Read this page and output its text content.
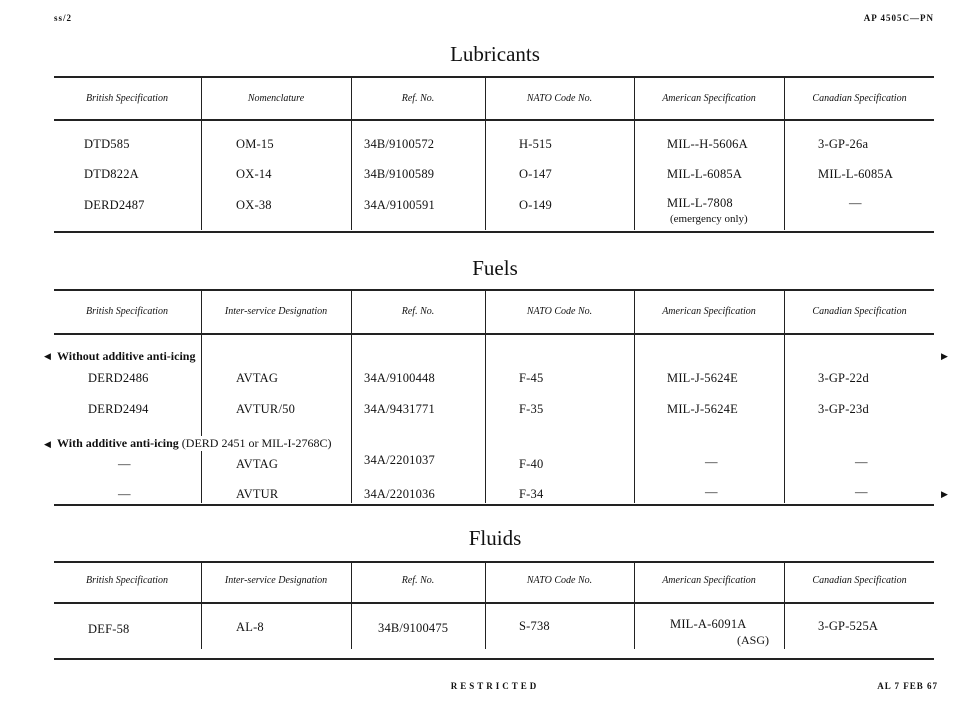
ss/2	AP 4505C—PN
Lubricants
British Specification	Nomenclature	Ref. No.	NATO Code No.	American Specification	Canadian Specification
DTD585	OM-15	34B/9100572	H-515	MIL--H-5606A	3-GP-26a
DTD822A	OX-14	34B/9100589	O-147	MIL-L-6085A	MIL-L-6085A
DERD2487	OX-38	34A/9100591	O-149	MIL-L-7808	—
(emergency only)
Fuels
British Specification	Inter-service Designation	Ref. No.	NATO Code No.	American Specification	Canadian Specification
◀	▶
Without additive anti-icing
DERD2486	AVTAG	34A/9100448	F-45	MIL-J-5624E	3-GP-22d
DERD2494	AVTUR/50	34A/9431771	F-35	MIL-J-5624E	3-GP-23d
◀ With additive anti-icing (DERD 2451 or MIL-I-2768C)
—	AVTAG	34A/2201037	F-40	—	—
—	AVTUR	34A/2201036	F-34	—	—	▶
Fluids
British Specification	Inter-service Designation	Ref. No.	NATO Code No.	American Specification	Canadian Specification
DEF-58	AL-8	34B/9100475	S-738	MIL-A-6091A	3-GP-525A
(ASG)
RESTRICTED	AL 7 FEB 67
